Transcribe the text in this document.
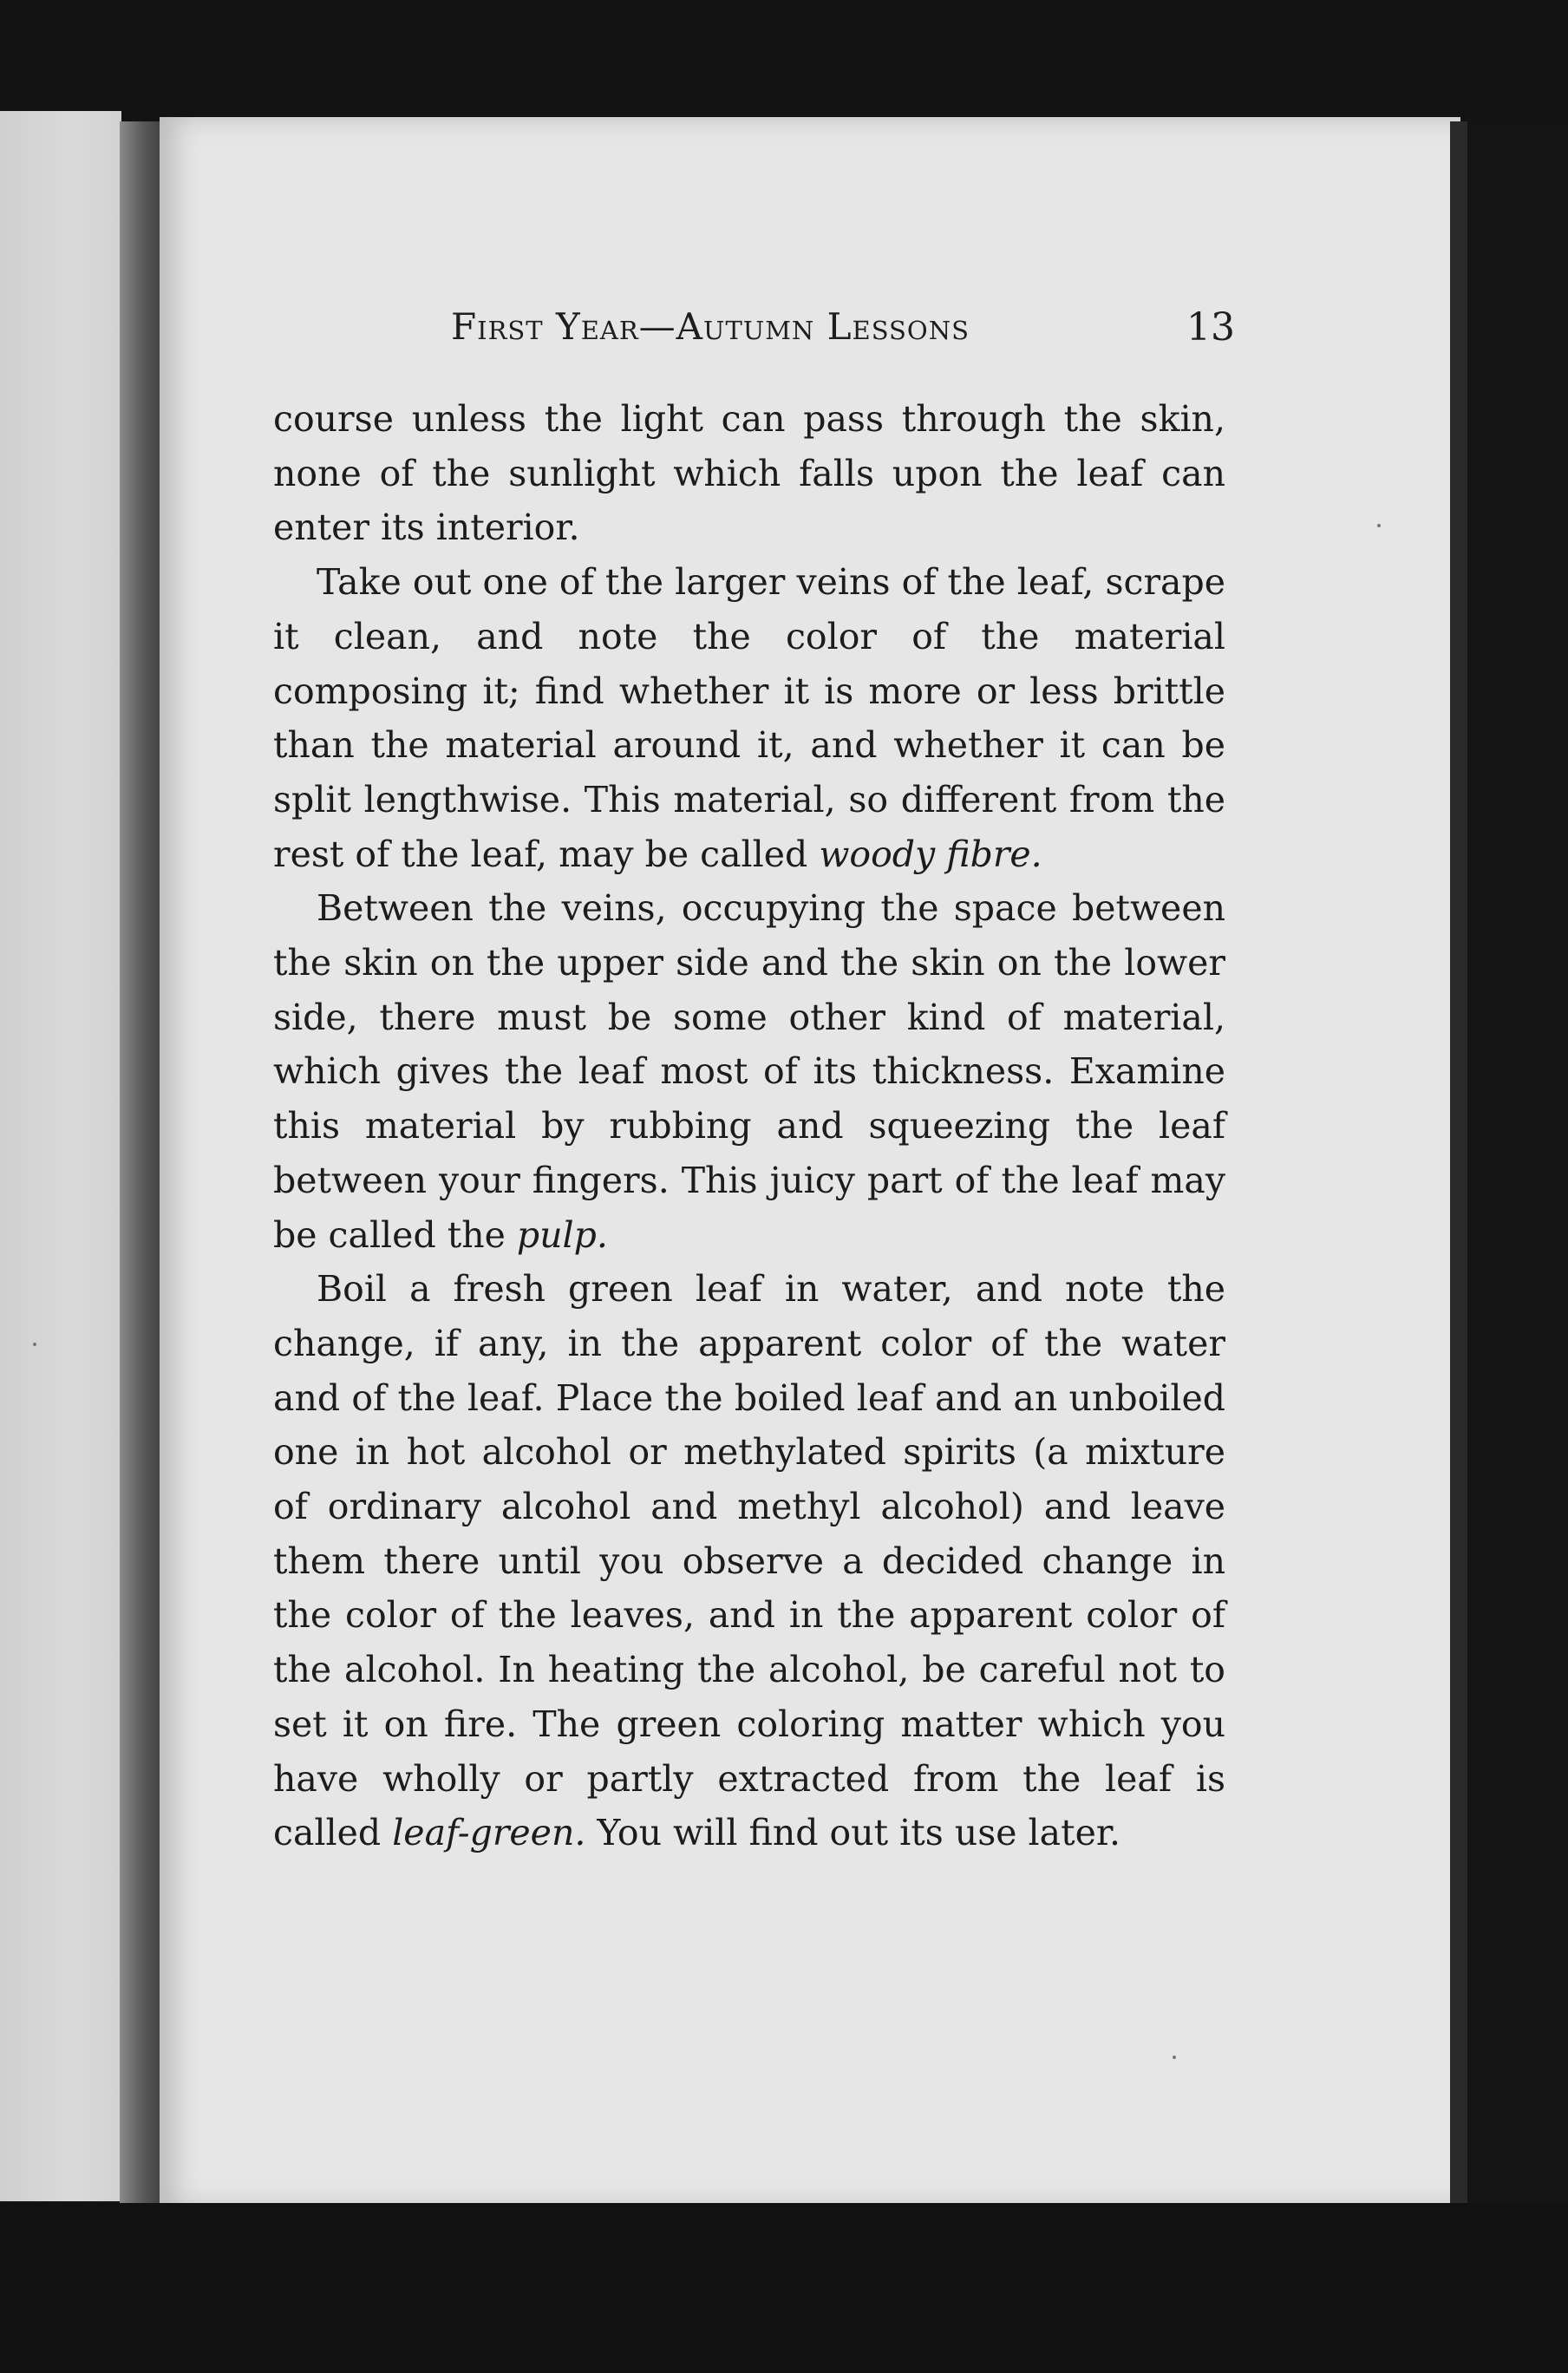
First Year—Autumn Lessons	13

course unless the light can pass through the skin, none of the sunlight which falls upon the leaf can enter its interior.

Take out one of the larger veins of the leaf, scrape it clean, and note the color of the material composing it; find whether it is more or less brittle than the material around it, and whether it can be split lengthwise. This material, so different from the rest of the leaf, may be called woody fibre.

Between the veins, occupying the space between the skin on the upper side and the skin on the lower side, there must be some other kind of material, which gives the leaf most of its thickness. Examine this material by rubbing and squeezing the leaf between your fingers. This juicy part of the leaf may be called the pulp.

Boil a fresh green leaf in water, and note the change, if any, in the apparent color of the water and of the leaf. Place the boiled leaf and an unboiled one in hot alcohol or methylated spirits (a mixture of ordinary alcohol and methyl alcohol) and leave them there until you observe a decided change in the color of the leaves, and in the apparent color of the alcohol. In heating the alcohol, be careful not to set it on fire. The green coloring matter which you have wholly or partly extracted from the leaf is called leaf-green. You will find out its use later.
